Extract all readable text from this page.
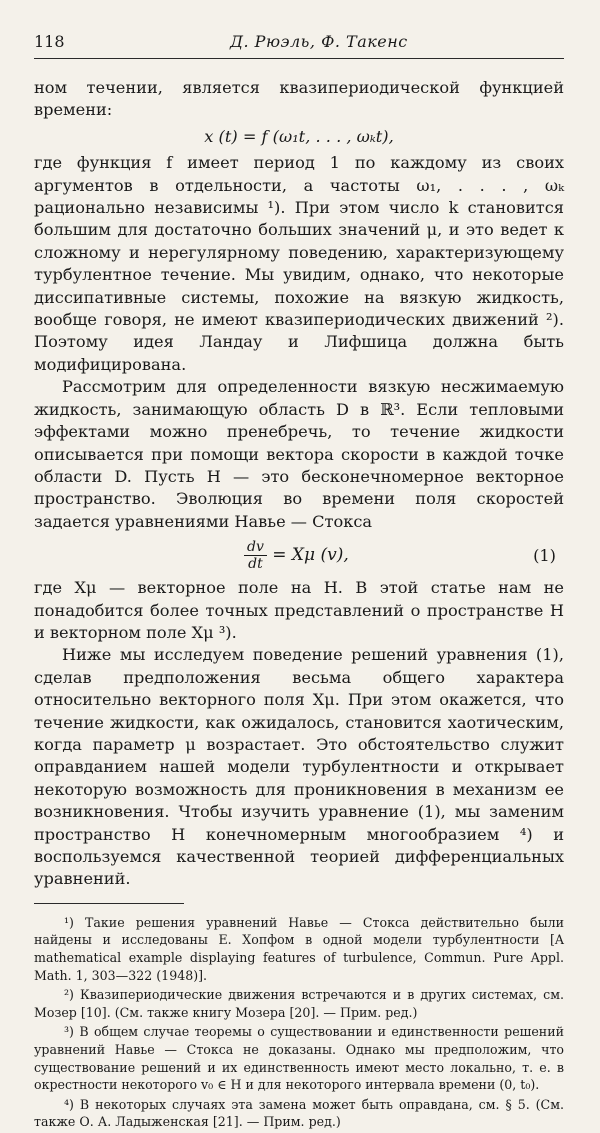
118	Д. Рюэль, Ф. Такенс

ном течении, является квазипериодической функцией времени:

x (t) = f (ω₁t, . . . , ωₖt),

где функция f имеет период 1 по каждому из своих аргументов в отдельности, а частоты ω₁, . . . , ωₖ рационально независимы ¹). При этом число k становится большим для достаточно больших значений μ, и это ведет к сложному и нерегулярному поведению, характеризующему турбулентное течение. Мы увидим, однако, что некоторые диссипативные системы, похожие на вязкую жидкость, вообще говоря, не имеют квазипериодических движений ²). Поэтому идея Ландау и Лифшица должна быть модифицирована.

Рассмотрим для определенности вязкую несжимаемую жидкость, занимающую область D в ℝ³. Если тепловыми эффектами можно пренебречь, то течение жидкости описывается при помощи вектора скорости в каждой точке области D. Пусть H — это бесконечномерное векторное пространство. Эволюция во времени поля скоростей задается уравнениями Навье — Стокса

$\frac{dv}{dt} = X\mu$ (v),	(1)

где Xμ — векторное поле на H. В этой статье нам не понадобится более точных представлений о пространстве H и векторном поле Xμ ³).

Ниже мы исследуем поведение решений уравнения (1), сделав предположения весьма общего характера относительно векторного поля Xμ. При этом окажется, что течение жидкости, как ожидалось, становится хаотическим, когда параметр μ возрастает. Это обстоятельство служит оправданием нашей модели турбулентности и открывает некоторую возможность для проникновения в механизм ее возникновения. Чтобы изучить уравнение (1), мы заменим пространство H конечномерным многообразием ⁴) и воспользуемся качественной теорией дифференциальных уравнений.

¹) Такие решения уравнений Навье — Стокса действительно были найдены и исследованы Е. Хопфом в одной модели турбулентности [A mathematical example displaying features of turbulence, Commun. Pure Appl. Math. 1, 303—322 (1948)].

²) Квазипериодические движения встречаются и в других системах, см. Мозер [10]. (См. также книгу Мозера [20]. — Прим. ред.)

³) В общем случае теоремы о существовании и единственности решений уравнений Навье — Стокса не доказаны. Однако мы предположим, что существование решений и их единственность имеют место локально, т. е. в окрестности некоторого v₀ ∈ H и для некоторого интервала времени (0, t₀).

⁴) В некоторых случаях эта замена может быть оправдана, см. § 5. (См. также О. А. Ладыженская [21]. — Прим. ред.)
